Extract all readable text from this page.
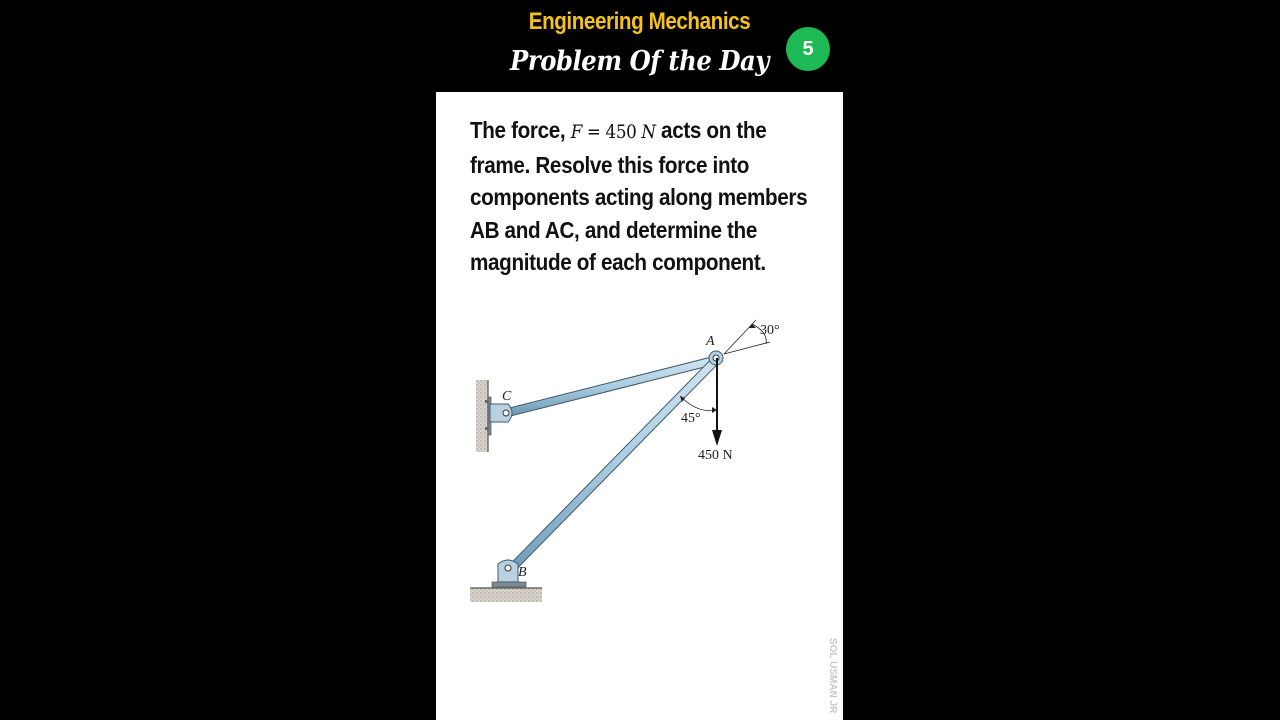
Engineering Mechanics
Problem Of the Day	5
The force, F = 450 N acts on the
frame. Resolve this force into
components acting along members
AB and AC, and determine the
magnitude of each component.
A
B
C
30°
45°
450 N
SOL USMAN JR
